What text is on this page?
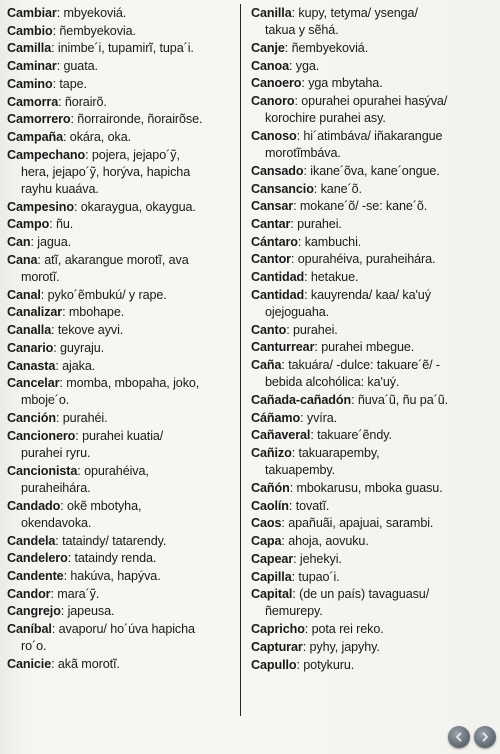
Cambiar: mbyekoviá.
Cambio: ñembyekovia.
Camilla: inimbe´i, tupamirĩ, tupa´i.
Caminar: guata.
Camino: tape.
Camorra: ñorairõ.
Camorrero: ñorraironde, ñorairõse.
Campaña: okára, oka.
Campechano: pojera, jejapo´ỹ,
hera, jejapo´ỹ, horýva, hapicha
rayhu kuaáva.
Campesino: okaraygua, okaygua.
Campo: ñu.
Can: jagua.
Cana: atĩ, akarangue morotĩ, ava
morotĩ.
Canal: pyko´ẽmbukú/ y rape.
Canalizar: mbohape.
Canalla: tekove ayvi.
Canario: guyraju.
Canasta: ajaka.
Cancelar: momba, mbopaha, joko,
mboje´o.
Canción: purahéi.
Cancionero: purahei kuatia/
purahei ryru.
Cancionista: opurahéiva,
puraheihára.
Candado: okẽ mbotyha,
okendavoka.
Candela: tataindy/ tatarendy.
Candelero: tataindy renda.
Candente: hakúva, hapýva.
Candor: mara´ỹ.
Cangrejo: japeusa.
Caníbal: avaporu/ ho´úva hapicha
ro´o.
Canicie: akã morotĩ.
Canilla: kupy, tetyma/ ysenga/
takua y sẽhá.
Canje: ñembyekoviá.
Canoa: yga.
Canoero: yga mbytaha.
Canoro: opurahei opurahei hasýva/
korochire purahei asy.
Canoso: hi´atimbáva/ iñakarangue
morotĩmbáva.
Cansado: ikane´õva, kane´ongue.
Cansancio: kane´õ.
Cansar: mokane´õ/ -se: kane´õ.
Cantar: purahei.
Cántaro: kambuchi.
Cantor: opurahéiva, puraheihára.
Cantidad: hetakue.
Cantidad: kauyrenda/ kaa/ ka'uý
ojejoguaha.
Canto: purahei.
Canturrear: purahei mbegue.
Caña: takuára/ -dulce: takuare´ẽ/ -
bebida alcohólica: ka'uý.
Cañada-cañadón: ñuva´ũ, ñu pa´ũ.
Cáñamo: yvíra.
Cañaveral: takuare´ẽndy.
Cañizo: takuarapemby,
takuapemby.
Cañón: mbokarusu, mboka guasu.
Caolín: tovatĩ.
Caos: apañuãi, apajuai, sarambi.
Capa: ahoja, aovuku.
Capear: jehekyi.
Capilla: tupao´i.
Capital: (de un país) tavaguasu/
ñemurepy.
Capricho: pota rei reko.
Capturar: pyhy, japyhy.
Capullo: potykuru.
